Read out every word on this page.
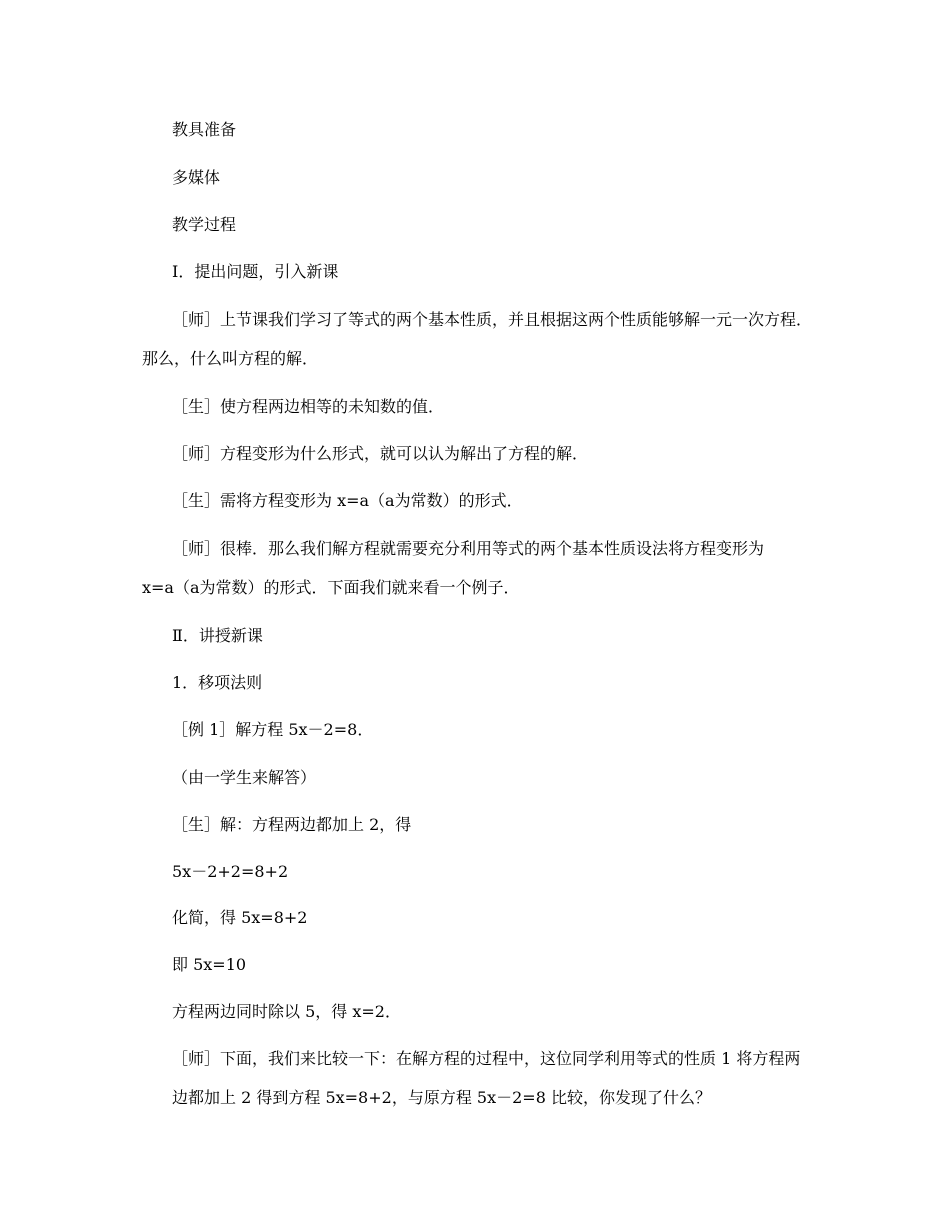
教具准备
多媒体
教学过程
Ⅰ．提出问题，引入新课
［师］上节课我们学习了等式的两个基本性质，并且根据这两个性质能够解一元一次方程．
那么，什么叫方程的解．
［生］使方程两边相等的未知数的值．
［师］方程变形为什么形式，就可以认为解出了方程的解．
［生］需将方程变形为 x=a（a为常数）的形式．
［师］很棒．那么我们解方程就需要充分利用等式的两个基本性质设法将方程变形为
x=a（a为常数）的形式．下面我们就来看一个例子．
Ⅱ．讲授新课
1．移项法则
［例 1］解方程 5x－2=8．
（由一学生来解答）
［生］解：方程两边都加上 2，得
5x－2+2=8+2
化简，得 5x=8+2
即 5x=10
方程两边同时除以 5，得 x=2．
［师］下面，我们来比较一下：在解方程的过程中，这位同学利用等式的性质 1 将方程两
边都加上 2 得到方程 5x=8+2，与原方程 5x－2=8 比较，你发现了什么？
